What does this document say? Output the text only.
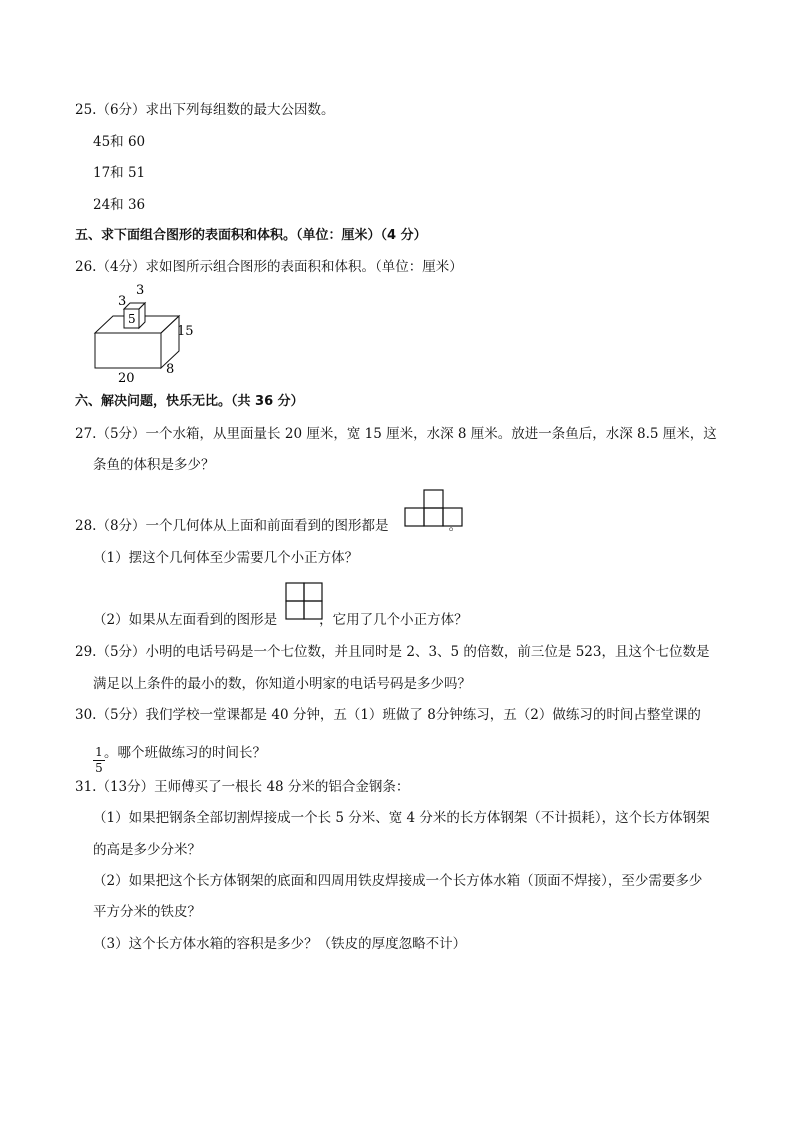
25.（6分）求出下列每组数的最大公因数。
45和 60
17和 51
24和 36
五、求下面组合图形的表面积和体积。（单位：厘米）（4 分）
26.（4分）求如图所示组合图形的表面积和体积。（单位：厘米）
3
3
5
15
20
8
六、解决问题，快乐无比。（共 36 分）
27.（5分）一个水箱，从里面量长 20 厘米，宽 15 厘米，水深 8 厘米。放进一条鱼后，水深 8.5 厘米，这
条鱼的体积是多少？
28.（8分）一个几何体从上面和前面看到的图形都是	。
（1）摆这个几何体至少需要几个小正方体？
（2）如果从左面看到的图形是	，它用了几个小正方体？
29.（5分）小明的电话号码是一个七位数，并且同时是 2、3、5 的倍数，前三位是 523，且这个七位数是
满足以上条件的最小的数，你知道小明家的电话号码是多少吗？
30.（5分）我们学校一堂课都是 40 分钟，五（1）班做了 8分钟练习，五（2）做练习的时间占整堂课的
1
5
。哪个班做练习的时间长？
31.（13分）王师傅买了一根长 48 分米的铝合金钢条：
（1）如果把钢条全部切割焊接成一个长 5 分米、宽 4 分米的长方体钢架（不计损耗），这个长方体钢架
的高是多少分米？
（2）如果把这个长方体钢架的底面和四周用铁皮焊接成一个长方体水箱（顶面不焊接），至少需要多少
平方分米的铁皮？
（3）这个长方体水箱的容积是多少？（铁皮的厚度忽略不计）
